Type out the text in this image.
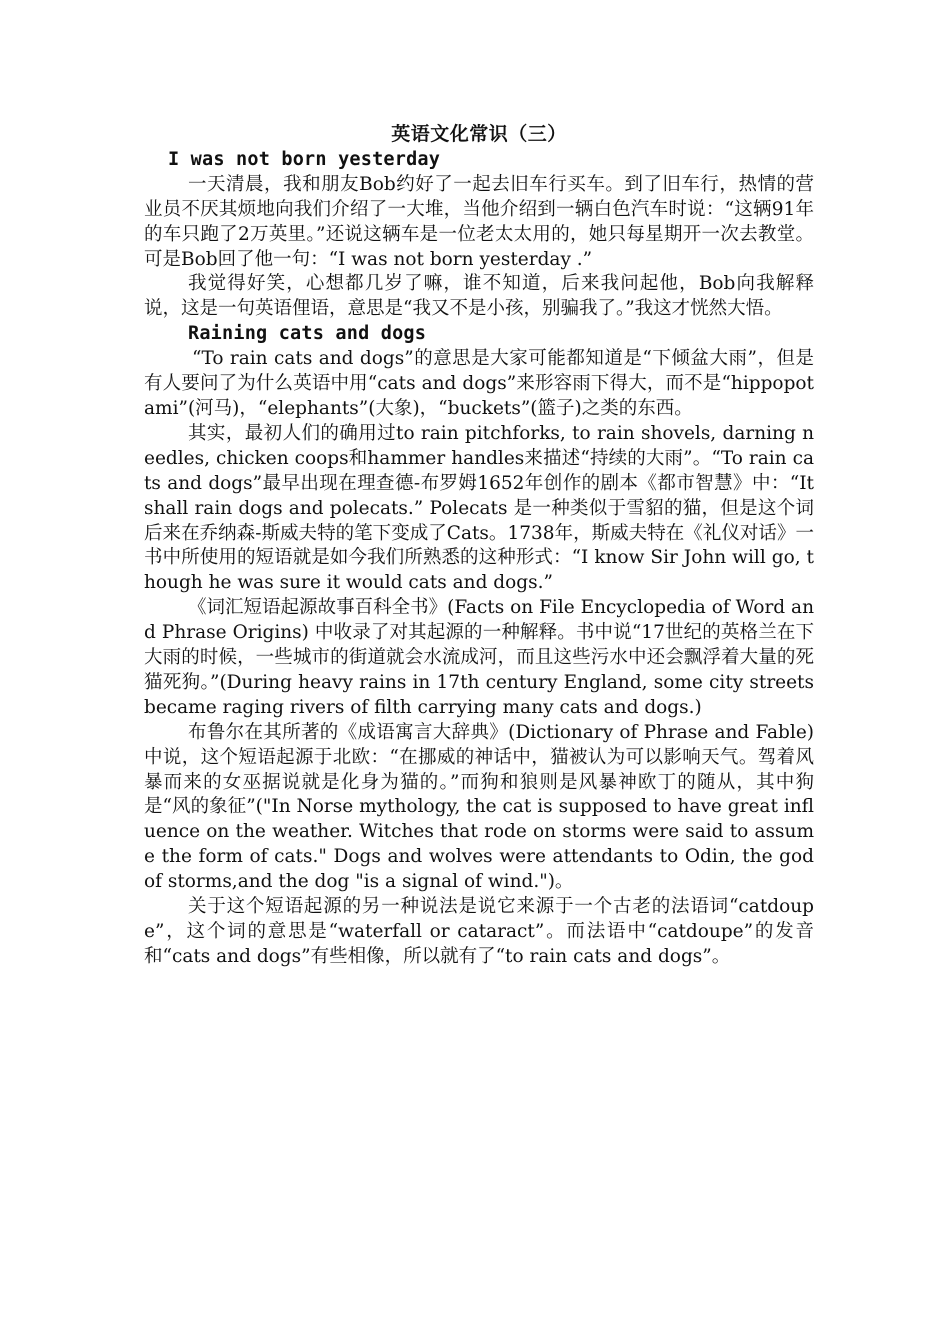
英语文化常识（三）
I was not born yesterday

一天清晨，我和朋友Bob约好了一起去旧车行买车。到了旧车行，热情的营业员不厌其烦地向我们介绍了一大堆，当他介绍到一辆白色汽车时说：“这辆91年的车只跑了2万英里。”还说这辆车是一位老太太用的，她只每星期开一次去教堂。可是Bob回了他一句：“I was not born yesterday .”

我觉得好笑，心想都几岁了嘛，谁不知道，后来我问起他，Bob向我解释说，这是一句英语俚语，意思是“我又不是小孩，别骗我了。”我这才恍然大悟。

Raining cats and dogs

“To rain cats and dogs”的意思是大家可能都知道是“下倾盆大雨”，但是有人要问了为什么英语中用“cats and dogs”来形容雨下得大，而不是“hippopotami”(河马)，“elephants”(大象)，“buckets”(篮子)之类的东西。

其实，最初人们的确用过to rain pitchforks, to rain shovels, darning needles, chicken coops和hammer handles来描述“持续的大雨”。“To rain cats and dogs”最早出现在理查德-布罗姆1652年创作的剧本《都市智慧》中：“It shall rain dogs and polecats.” Polecats 是一种类似于雪貂的猫，但是这个词后来在乔纳森-斯威夫特的笔下变成了Cats。1738年，斯威夫特在《礼仪对话》一书中所使用的短语就是如今我们所熟悉的这种形式：“I know Sir John will go, though he was sure it would cats and dogs.”

《词汇短语起源故事百科全书》(Facts on File Encyclopedia of Word and Phrase Origins) 中收录了对其起源的一种解释。书中说“17世纪的英格兰在下大雨的时候，一些城市的街道就会水流成河，而且这些污水中还会飘浮着大量的死猫死狗。”(During heavy rains in 17th century England, some city streets became raging rivers of filth carrying many cats and dogs.)

布鲁尔在其所著的《成语寓言大辞典》(Dictionary of Phrase and Fable)中说，这个短语起源于北欧：“在挪威的神话中，猫被认为可以影响天气。驾着风暴而来的女巫据说就是化身为猫的。”而狗和狼则是风暴神欧丁的随从，其中狗是“风的象征”("In Norse mythology, the cat is supposed to have great influence on the weather. Witches that rode on storms were said to assume the form of cats." Dogs and wolves were attendants to Odin, the god of storms,and the dog "is a signal of wind.")。

关于这个短语起源的另一种说法是说它来源于一个古老的法语词“catdoupe”，这个词的意思是“waterfall or cataract”。而法语中“catdoupe”的发音和“cats and dogs”有些相像，所以就有了“to rain cats and dogs”。
